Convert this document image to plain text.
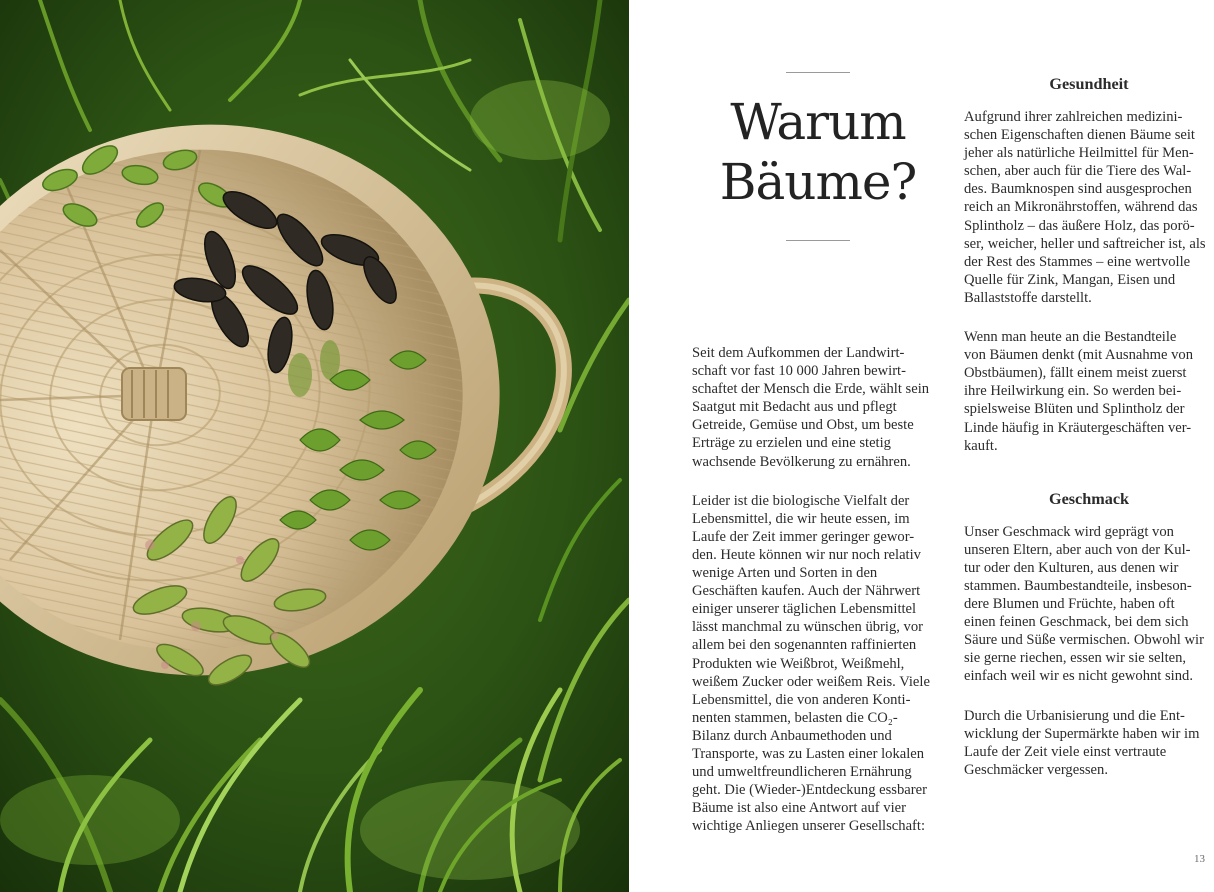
Warum
Bäume?

Seit dem Aufkommen der Landwirt-
schaft vor fast 10 000 Jahren bewirt-
schaftet der Mensch die Erde, wählt sein
Saatgut mit Bedacht aus und pflegt
Getreide, Gemüse und Obst, um beste
Erträge zu erzielen und eine stetig
wachsende Bevölkerung zu ernähren.

Leider ist die biologische Vielfalt der
Lebensmittel, die wir heute essen, im
Laufe der Zeit immer geringer gewor-
den. Heute können wir nur noch relativ
wenige Arten und Sorten in den
Geschäften kaufen. Auch der Nährwert
einiger unserer täglichen Lebensmittel
lässt manchmal zu wünschen übrig, vor
allem bei den sogenannten raffinierten
Produkten wie Weißbrot, Weißmehl,
weißem Zucker oder weißem Reis. Viele
Lebensmittel, die von anderen Konti-
nenten stammen, belasten die CO₂-
Bilanz durch Anbaumethoden und
Transporte, was zu Lasten einer lokalen
und umweltfreundlicheren Ernährung
geht. Die (Wieder-)Entdeckung essbarer
Bäume ist also eine Antwort auf vier
wichtige Anliegen unserer Gesellschaft:

Gesundheit

Aufgrund ihrer zahlreichen medizini-
schen Eigenschaften dienen Bäume seit
jeher als natürliche Heilmittel für Men-
schen, aber auch für die Tiere des Wal-
des. Baumknospen sind ausgesprochen
reich an Mikronährstoffen, während das
Splintholz – das äußere Holz, das porö-
ser, weicher, heller und saftreicher ist, als
der Rest des Stammes – eine wertvolle
Quelle für Zink, Mangan, Eisen und
Ballaststoffe darstellt.

Wenn man heute an die Bestandteile
von Bäumen denkt (mit Ausnahme von
Obstbäumen), fällt einem meist zuerst
ihre Heilwirkung ein. So werden bei-
spielsweise Blüten und Splintholz der
Linde häufig in Kräutergeschäften ver-
kauft.

Geschmack

Unser Geschmack wird geprägt von
unseren Eltern, aber auch von der Kul-
tur oder den Kulturen, aus denen wir
stammen. Baumbestandteile, insbeson-
dere Blumen und Früchte, haben oft
einen feinen Geschmack, bei dem sich
Säure und Süße vermischen. Obwohl wir
sie gerne riechen, essen wir sie selten,
einfach weil wir es nicht gewohnt sind.

Durch die Urbanisierung und die Ent-
wicklung der Supermärkte haben wir im
Laufe der Zeit viele einst vertraute
Geschmäcker vergessen.

13
